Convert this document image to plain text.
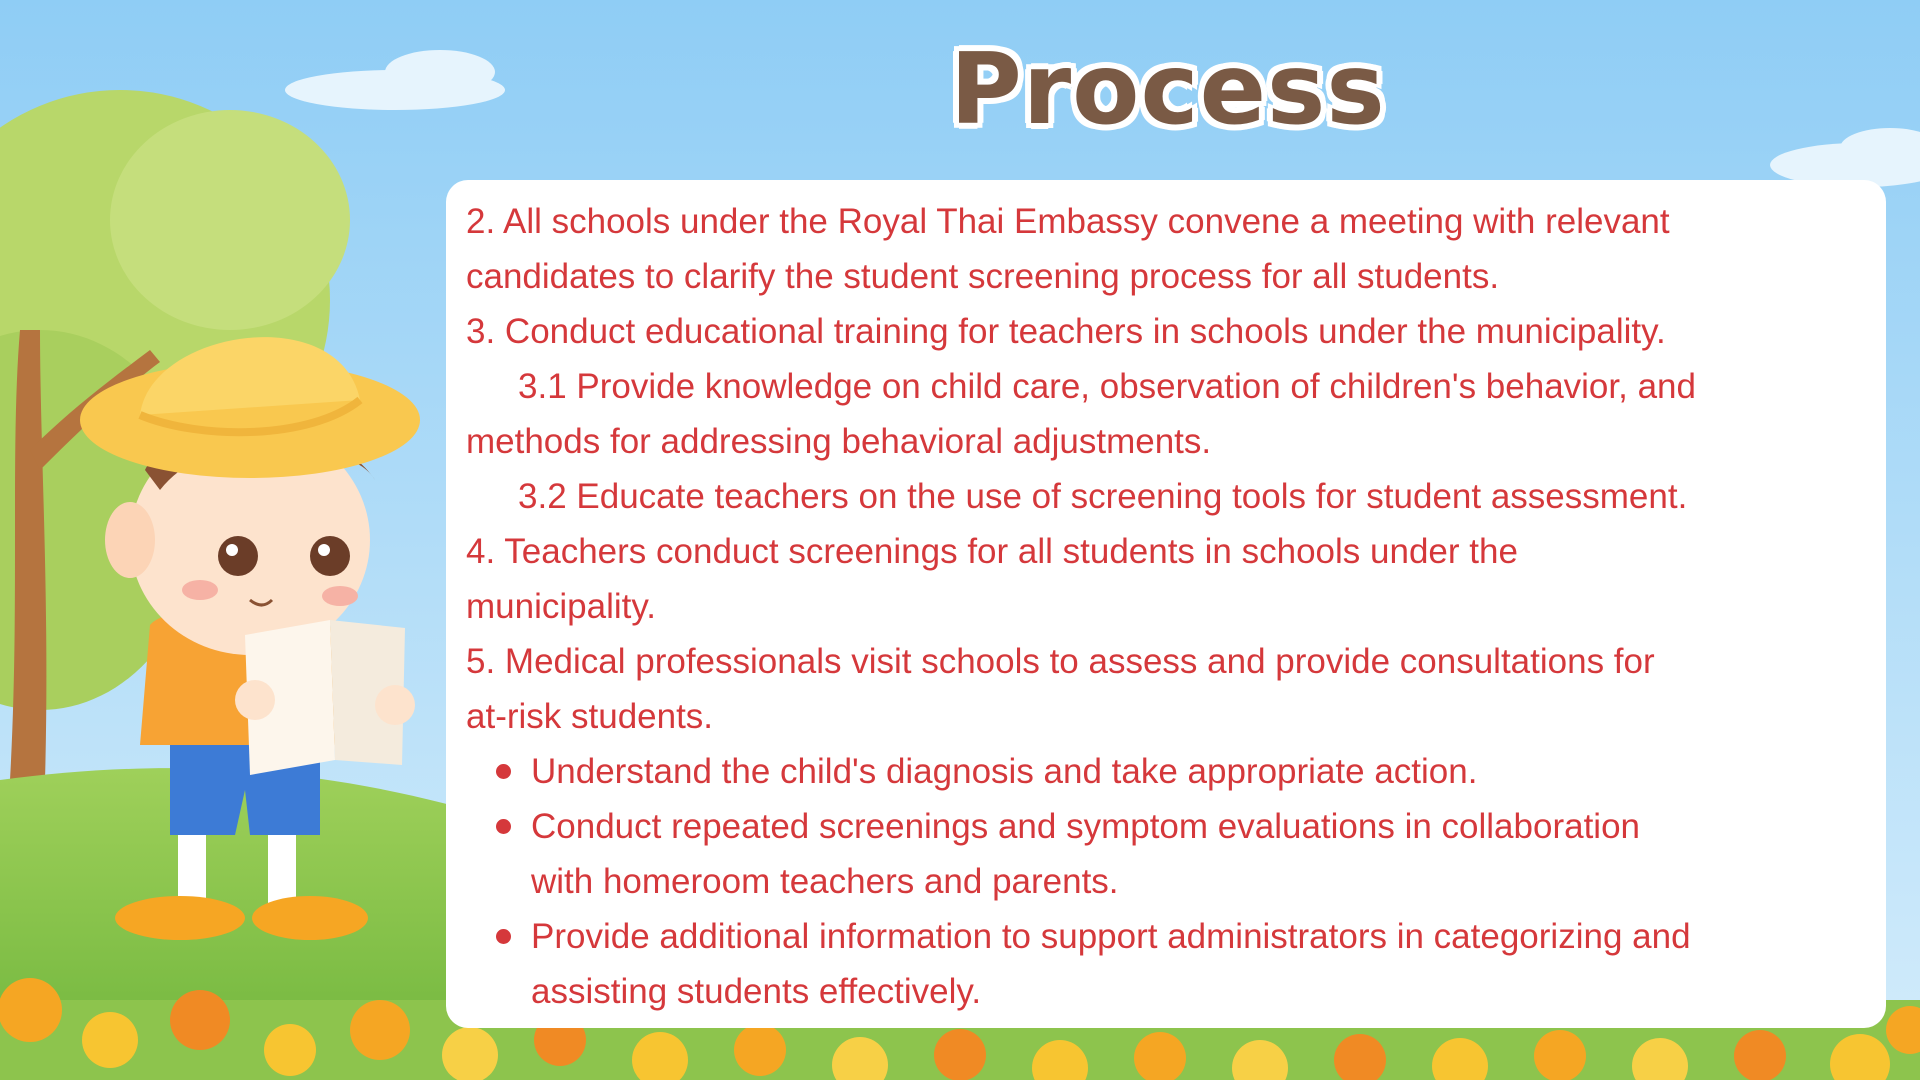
Process
2. All schools under the Royal Thai Embassy convene a meeting with relevant
candidates to clarify the student screening process for all students.
3. Conduct educational training for teachers in schools under the municipality.
3.1 Provide knowledge on child care, observation of children's behavior, and
methods for addressing behavioral adjustments.
3.2 Educate teachers on the use of screening tools for student assessment.
4. Teachers conduct screenings for all students in schools under the
municipality.
5. Medical professionals visit schools to assess and provide consultations for
at-risk students.
Understand the child's diagnosis and take appropriate action.
Conduct repeated screenings and symptom evaluations in collaboration
with homeroom teachers and parents.
Provide additional information to support administrators in categorizing and
assisting students effectively.
